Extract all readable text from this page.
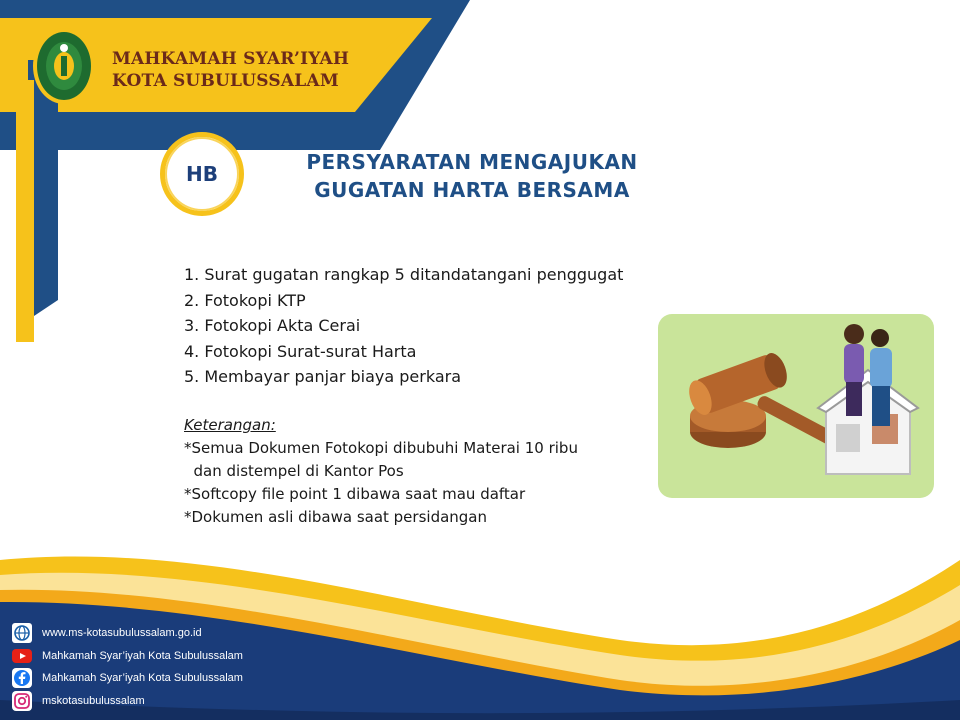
MAHKAMAH SYAR’IYAH
KOTA SUBULUSSALAM
HB	PERSYARATAN MENGAJUKAN
GUGATAN HARTA BERSAMA
1. Surat gugatan rangkap 5 ditandatangani penggugat
2. Fotokopi KTP
3. Fotokopi Akta Cerai
4. Fotokopi Surat-surat Harta
5. Membayar panjar biaya perkara
Keterangan:
*Semua Dokumen Fotokopi dibubuhi Materai 10 ribu
dan distempel di Kantor Pos
*Softcopy file point 1 dibawa saat mau daftar
*Dokumen asli dibawa saat persidangan
www.ms-kotasubulussalam.go.id
Mahkamah Syar’iyah Kota Subulussalam
Mahkamah Syar’iyah Kota Subulussalam
mskotasubulussalam
